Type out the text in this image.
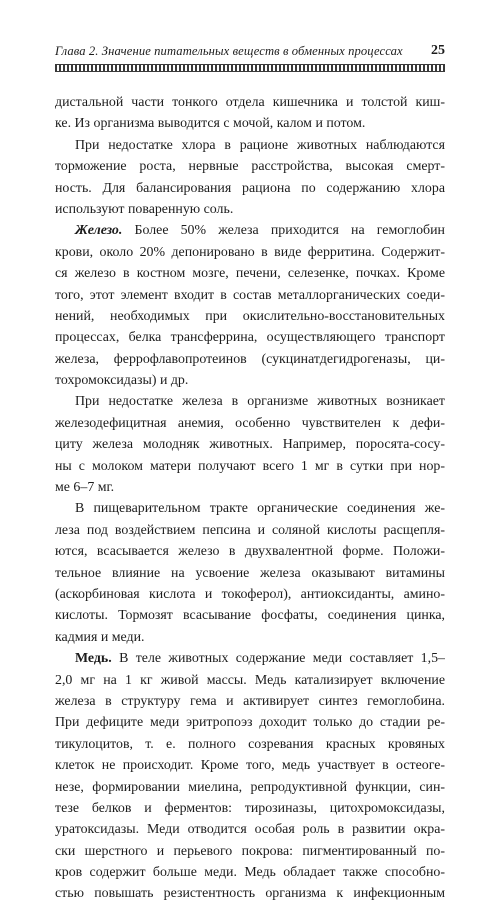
Глава 2. Значение питательных веществ в обменных процессах 25
дистальной части тонкого отдела кишечника и толстой киш-
ке. Из организма выводится с мочой, калом и потом.
При недостатке хлора в рационе животных наблюдаются
торможение роста, нервные расстройства, высокая смерт-
ность. Для балансирования рациона по содержанию хлора
используют поваренную соль.
Железо. Более 50% железа приходится на гемоглобин
крови, около 20% депонировано в виде ферритина. Содержит-
ся железо в костном мозге, печени, селезенке, почках. Кроме
того, этот элемент входит в состав металлорганических соеди-
нений, необходимых при окислительно-восстановительных
процессах, белка трансферрина, осуществляющего транспорт
железа, феррофлавопротеинов (сукцинатдегидрогеназы, ци-
тохромоксидазы) и др.
При недостатке железа в организме животных возникает
железодефицитная анемия, особенно чувствителен к дефи-
циту железа молодняк животных. Например, поросята-сосу-
ны с молоком матери получают всего 1 мг в сутки при нор-
ме 6–7 мг.
В пищеварительном тракте органические соединения же-
леза под воздействием пепсина и соляной кислоты расщепля-
ются, всасывается железо в двухвалентной форме. Положи-
тельное влияние на усвоение железа оказывают витамины
(аскорбиновая кислота и токоферол), антиоксиданты, амино-
кислоты. Тормозят всасывание фосфаты, соединения цинка,
кадмия и меди.
Медь. В теле животных содержание меди составляет 1,5–
2,0 мг на 1 кг живой массы. Медь катализирует включение
железа в структуру гема и активирует синтез гемоглобина.
При дефиците меди эритропоэз доходит только до стадии ре-
тикулоцитов, т. е. полного созревания красных кровяных
клеток не происходит. Кроме того, медь участвует в остеоге-
незе, формировании миелина, репродуктивной функции, син-
тезе белков и ферментов: тирозиназы, цитохромоксидазы,
уратоксидазы. Меди отводится особая роль в развитии окра-
ски шерстного и перьевого покрова: пигментированный по-
кров содержит больше меди. Медь обладает также способно-
стью повышать резистентность организма к инфекционным
